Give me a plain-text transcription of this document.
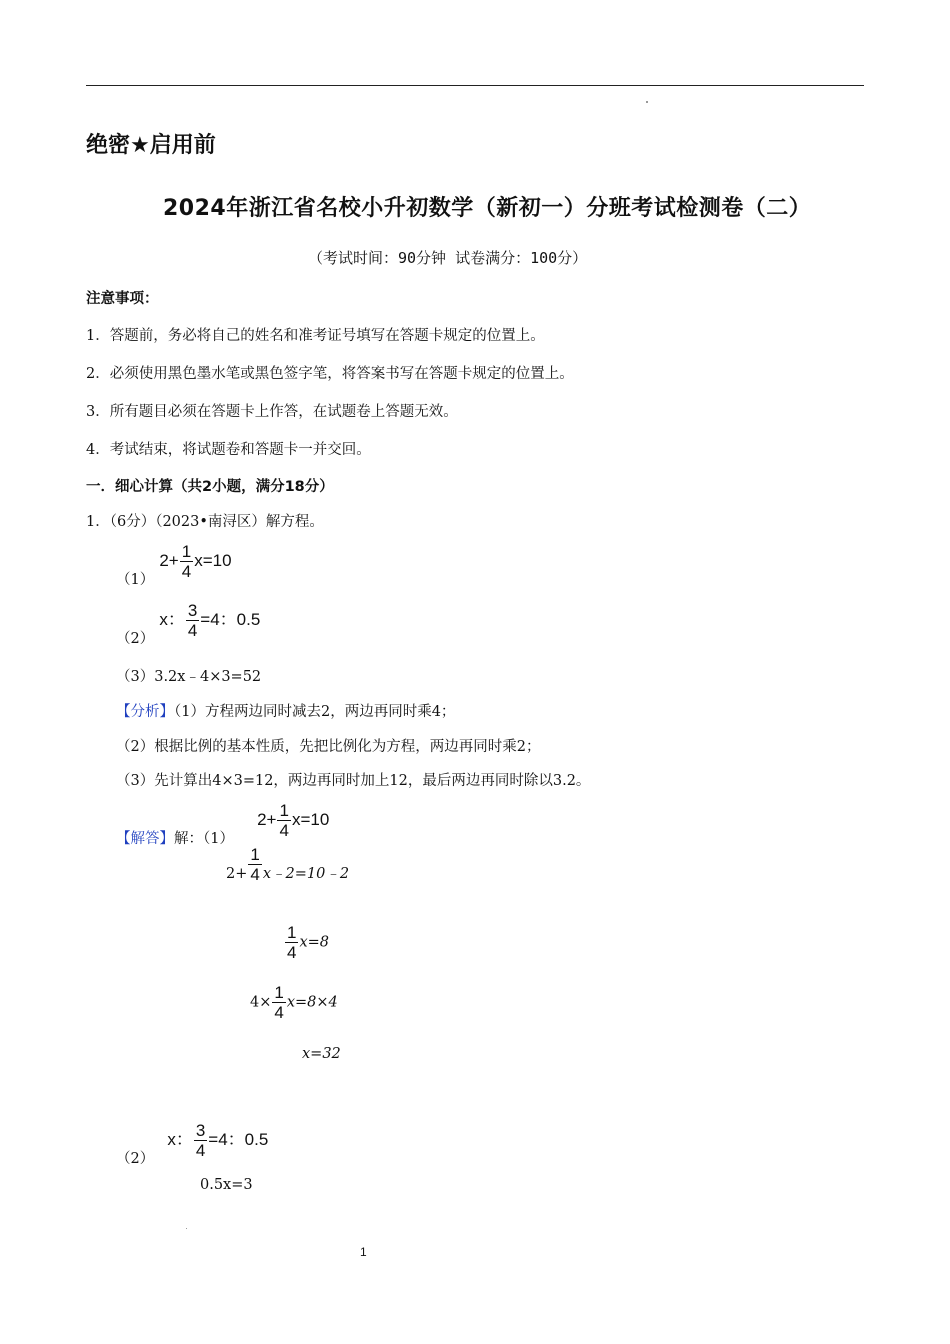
绝密★启用前
2024年浙江省名校小升初数学（新初一）分班考试检测卷（二）
（考试时间：90分钟 试卷满分：100分）
注意事项：
1．答题前，务必将自己的姓名和准考证号填写在答题卡规定的位置上。
2．必须使用黑色墨水笔或黑色签字笔，将答案书写在答题卡规定的位置上。
3．所有题目必须在答题卡上作答，在试题卷上答题无效。
4．考试结束，将试题卷和答题卡一并交回。
一．细心计算（共2小题，满分18分）
1．（6分）（2023•南浔区）解方程。
（1） $2+ \frac{1}{4} x=10$
（2） x： $\frac{3}{4} =4$：0.5
（3）3.2x﹣4×3=52
【分析】（1）方程两边同时减去2，两边再同时乘4；
（2）根据比例的基本性质，先把比例化为方程，两边再同时乘2；
（3）先计算出4×3=12，两边再同时加上12，最后两边再同时除以3.2。
【解答】解：（1） $2+ \frac{1}{4} x=10$
$2+ \frac{1}{4}$ x﹣2=10﹣2
$\frac{1}{4} x=8$
$4\times \frac{1}{4} x=8\times 4$
x=32
（2） x： $\frac{3}{4} =4$：0.5
0.5x=3
1
